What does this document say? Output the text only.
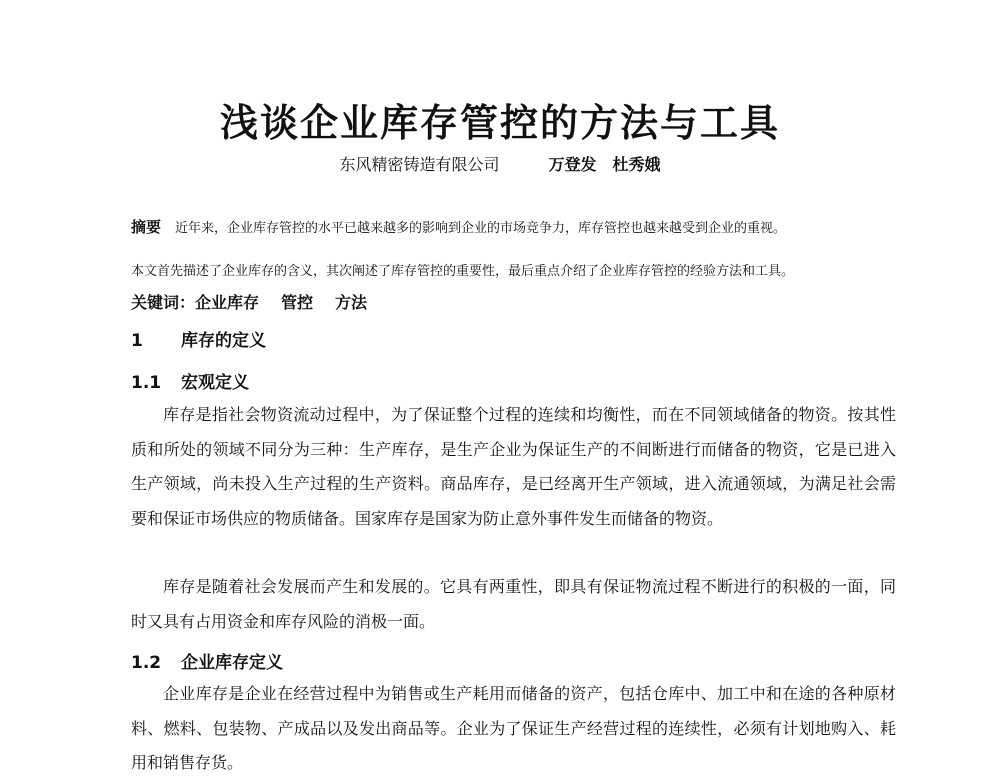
浅谈企业库存管控的方法与工具
东风精密铸造有限公司	万登发　杜秀娥
摘要 近年来，企业库存管控的水平已越来越多的影响到企业的市场竞争力，库存管控也越来越受到企业的重视。
本文首先描述了企业库存的含义，其次阐述了库存管控的重要性，最后重点介绍了企业库存管控的经验方法和工具。
关键词：企业库存 管控 方法
1 库存的定义
1.1 宏观定义

库存是指社会物资流动过程中，为了保证整个过程的连续和均衡性，而在不同领域储备的物资。按其性质和所处的领域不同分为三种：生产库存，是生产企业为保证生产的不间断进行而储备的物资，它是已进入生产领域，尚未投入生产过程的生产资料。商品库存，是已经离开生产领域，进入流通领域，为满足社会需要和保证市场供应的物质储备。国家库存是国家为防止意外事件发生而储备的物资。

库存是随着社会发展而产生和发展的。它具有两重性，即具有保证物流过程不断进行的积极的一面，同时又具有占用资金和库存风险的消极一面。

1.2 企业库存定义

企业库存是企业在经营过程中为销售或生产耗用而储备的资产，包括仓库中、加工中和在途的各种原材料、燃料、包装物、产成品以及发出商品等。企业为了保证生产经营过程的连续性，必须有计划地购入、耗用和销售存货。
